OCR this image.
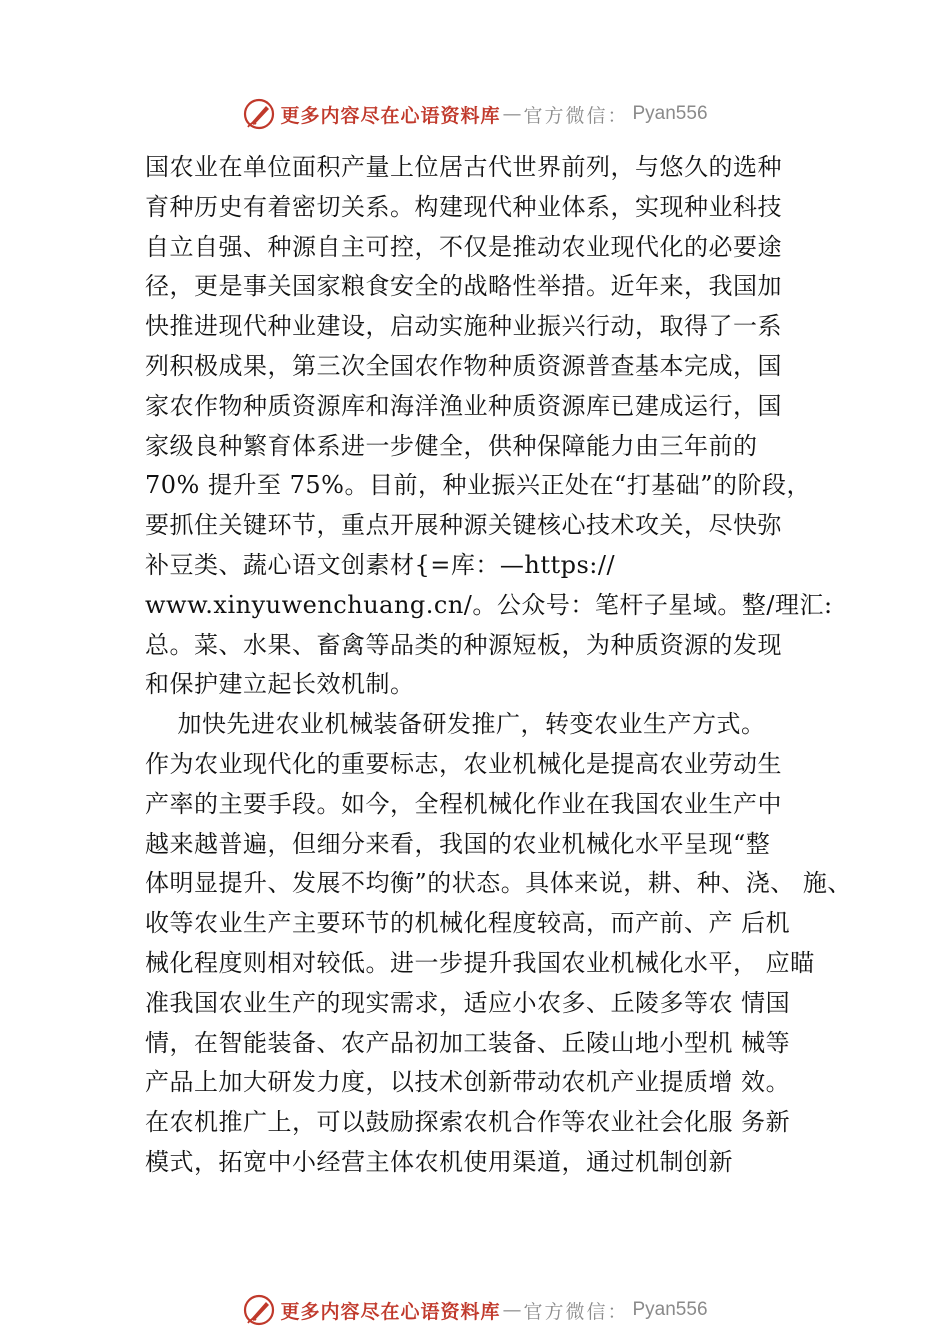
更多内容尽在心语资料库 — 官方微信： Pyan556
国农业在单位面积产量上位居古代世界前列，与悠久的选种
育种历史有着密切关系。构建现代种业体系，实现种业科技
自立自强、种源自主可控，不仅是推动农业现代化的必要途
径，更是事关国家粮食安全的战略性举措。近年来，我国加
快推进现代种业建设，启动实施种业振兴行动，取得了一系
列积极成果，第三次全国农作物种质资源普查基本完成，国
家农作物种质资源库和海洋渔业种质资源库已建成运行，国
家级良种繁育体系进一步健全，供种保障能力由三年前的
70% 提升至 75%。目前，种业振兴正处在“打基础”的阶段，
要抓住关键环节，重点开展种源关键核心技术攻关，尽快弥
补豆类、蔬心语文创素材{=库：—https://
www.xinyuwenchuang.cn/。公众号：笔杆子星域。整/理汇:
总。菜、水果、畜禽等品类的种源短板，为种质资源的发现
和保护建立起长效机制。
加快先进农业机械装备研发推广，转变农业生产方式。
作为农业现代化的重要标志，农业机械化是提高农业劳动生
产率的主要手段。如今，全程机械化作业在我国农业生产中
越来越普遍，但细分来看，我国的农业机械化水平呈现“整
体明显提升、发展不均衡”的状态。具体来说，耕、种、浇、 施、
收等农业生产主要环节的机械化程度较高，而产前、产 后机
械化程度则相对较低。进一步提升我国农业机械化水平， 应瞄
准我国农业生产的现实需求，适应小农多、丘陵多等农 情国
情，在智能装备、农产品初加工装备、丘陵山地小型机 械等
产品上加大研发力度，以技术创新带动农机产业提质增 效。
在农机推广上，可以鼓励探索农机合作等农业社会化服 务新
模式，拓宽中小经营主体农机使用渠道，通过机制创新
更多内容尽在心语资料库 — 官方微信： Pyan556
